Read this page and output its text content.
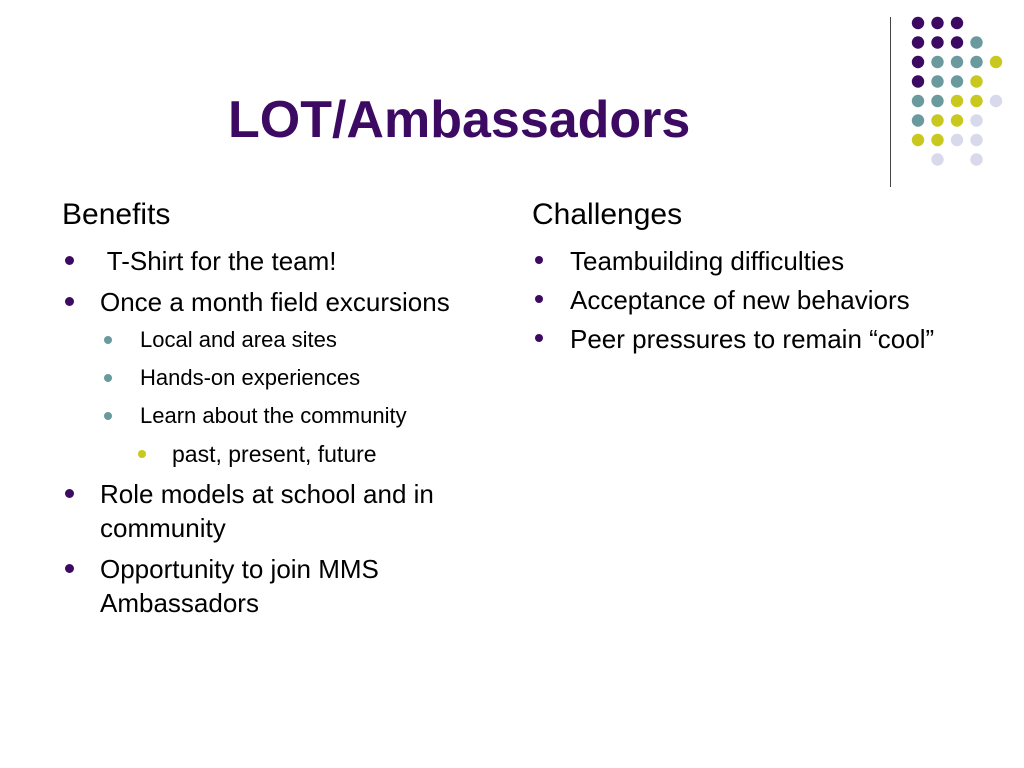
LOT/Ambassadors
Benefits
T-Shirt for the team!
Once a month field excursions
Local and area sites
Hands-on experiences
Learn about the community
past, present, future
Role models at school and in community
Opportunity to join MMS Ambassadors
Challenges
Teambuilding difficulties
Acceptance of new behaviors
Peer pressures to remain “cool”
